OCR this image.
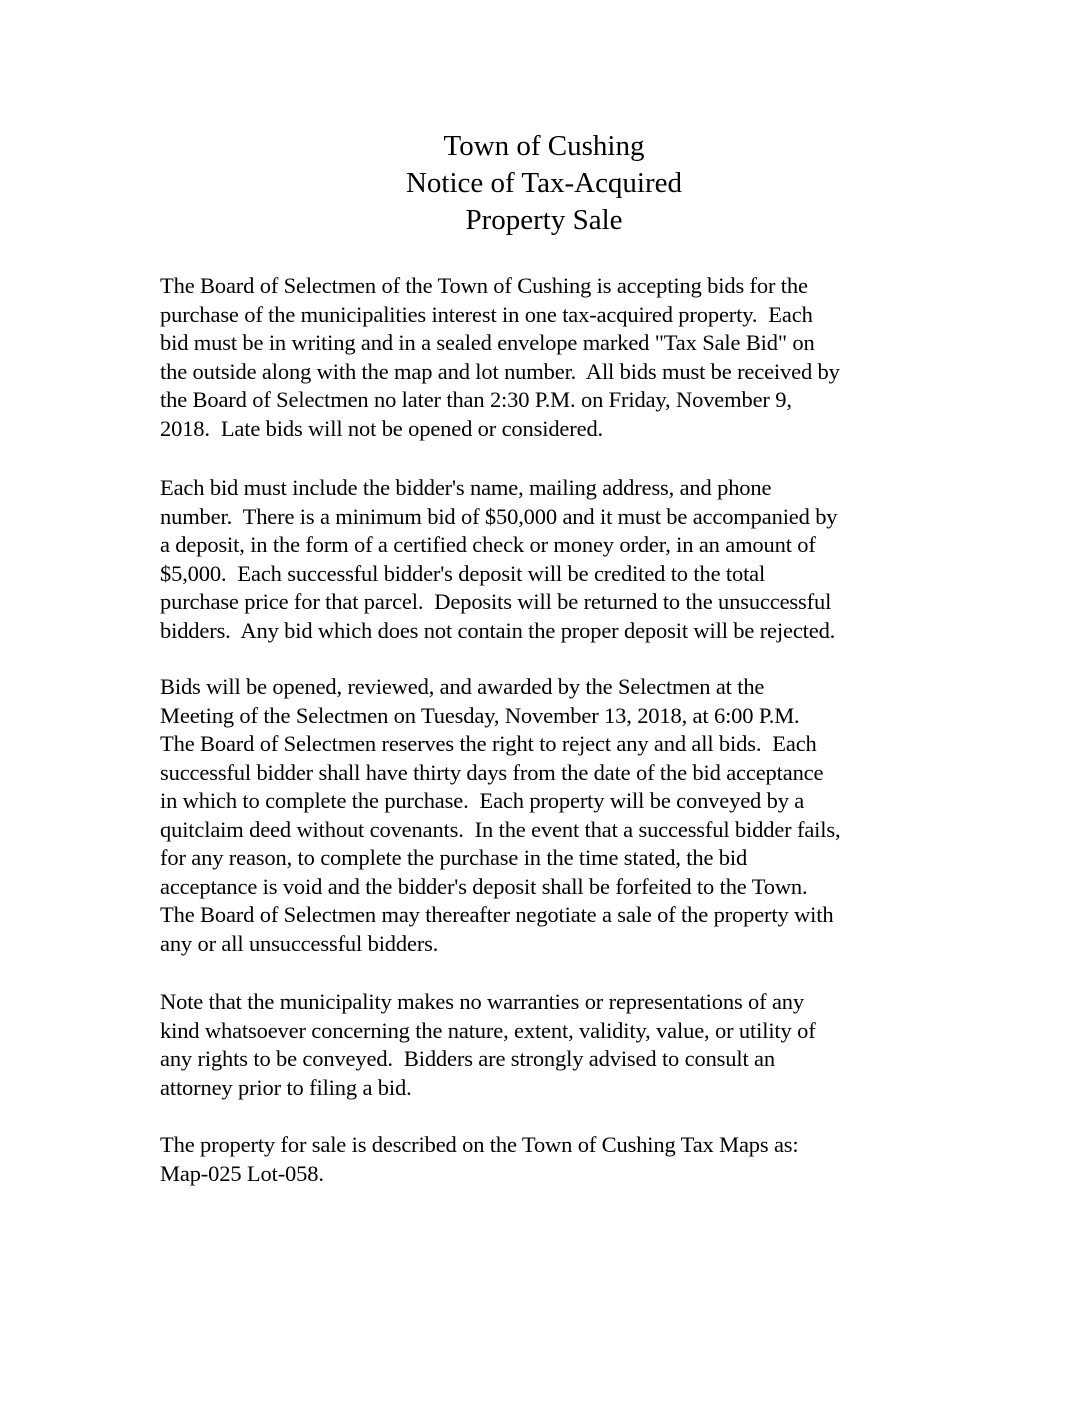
Town of Cushing
Notice of Tax-Acquired
Property Sale
The Board of Selectmen of the Town of Cushing is accepting bids for the
purchase of the municipalities interest in one tax-acquired property.  Each
bid must be in writing and in a sealed envelope marked "Tax Sale Bid" on
the outside along with the map and lot number.  All bids must be received by
the Board of Selectmen no later than 2:30 P.M. on Friday, November 9,
2018.  Late bids will not be opened or considered.
Each bid must include the bidder's name, mailing address, and phone
number.  There is a minimum bid of $50,000 and it must be accompanied by
a deposit, in the form of a certified check or money order, in an amount of
$5,000.  Each successful bidder's deposit will be credited to the total
purchase price for that parcel.  Deposits will be returned to the unsuccessful
bidders.  Any bid which does not contain the proper deposit will be rejected.
Bids will be opened, reviewed, and awarded by the Selectmen at the
Meeting of the Selectmen on Tuesday, November 13, 2018, at 6:00 P.M.
The Board of Selectmen reserves the right to reject any and all bids.  Each
successful bidder shall have thirty days from the date of the bid acceptance
in which to complete the purchase.  Each property will be conveyed by a
quitclaim deed without covenants.  In the event that a successful bidder fails,
for any reason, to complete the purchase in the time stated, the bid
acceptance is void and the bidder's deposit shall be forfeited to the Town.
The Board of Selectmen may thereafter negotiate a sale of the property with
any or all unsuccessful bidders.
Note that the municipality makes no warranties or representations of any
kind whatsoever concerning the nature, extent, validity, value, or utility of
any rights to be conveyed.  Bidders are strongly advised to consult an
attorney prior to filing a bid.
The property for sale is described on the Town of Cushing Tax Maps as:
Map-025 Lot-058.
